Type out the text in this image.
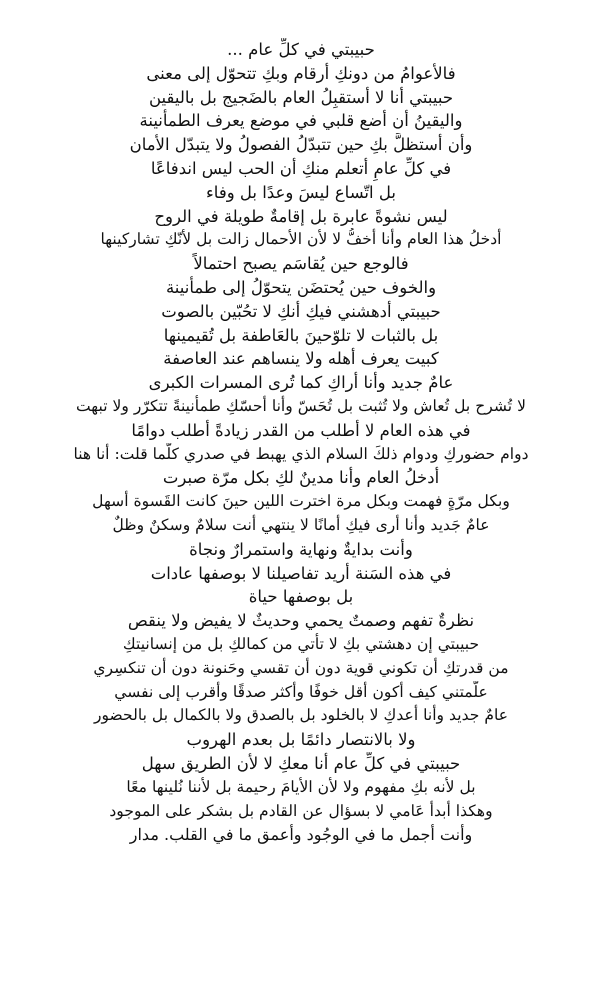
حبيبتي في كلِّ عام ...
فالأعوامُ من دونكِ أرقام وبكِ تتحوّل إلى معنى
حبيبتي أنا لا أستقبِلُ العام بالضَجيج بل باليقين
واليقينُ أن أضع قلبي في موضع يعرف الطمأنينة
وأن أستظلَّ بكِ حين تتبدّلُ الفصولُ ولا يتبدّل الأمان
في كلِّ عامٍ أتعلم منكِ أن الحب ليس اندفاعًا
بل اتّساع ليسَ وعدًا بل وفاء
ليس نشوةً عابرة بل إقامةٌ طويلة في الروح
أدخلُ هذا العام وأنا أخفُّ لا لأن الأحمال زالت بل لأنّكِ تشاركينها
فالوجع حين يُقاسَم يصبح احتمالاً
والخوف حين يُحتضَن يتحوّلُ إلى طمأنينة
حبيبتي أدهشني فيكِ أنكِ لا تحُبّين بالصوت
بل بالثبات لا تلوّحينَ بالعَاطفة بل تُقيمينها
كبيت يعرف أهله ولا ينساهم عند العاصفة
عامٌ جديد وأنا أراكِ كما تُرى المسرات الكبرى
لا تُشرح بل تُعاش ولا تُثبت بل تُحَسّ وأنا أحسّكِ طمأنينةً تتكرّر ولا تبهت
في هذه العام لا أطلب من القدر زيادةً أطلب دوامًا
دوام حضوركِ ودوام ذلكَ السلام الذي يهبط في صدري كلّما قلت: أنا هنا
أدخلُ العام وأنا مدينٌ لكِ بكل مرّة صبرت
وبكل مرّةٍ فهمت وبكل مرة اخترت اللين حينَ كانت القَسوة أسهل
عامٌ جَديد وأنا أرى فيكِ أمانًا لا ينتهي أنت سلامٌ وسكنٌ وظلٌ
وأنت بدايةٌ ونهاية واستمرارٌ ونجاة
في هذه السَنة أريد تفاصيلنا لا بوصفها عادات
بل بوصفها حياة
نظرةٌ تفهم وصمتٌ يحمي وحديثٌ لا يفيض ولا ينقص
حبيبتي إن دهشتي بكِ لا تأتي من كمالكِ بل من إنسانيتكِ
من قدرتكِ أن تكوني قوية دون أن تقسي وحَنونة دون أن تنكسِري
علّمتني كيف أكون أقل خوفًا وأكثر صدقًا وأقرب إلى نفسي
عامٌ جديد وأنا أعدكِ لا بالخلود بل بالصدق ولا بالكمال بل بالحضور
ولا بالانتصار دائمًا بل بعدم الهروب
حبيبتي في كلِّ عام أنا معكِ لا لأن الطريق سهل
بل لأنه بكِ مفهوم ولا لأن الأيامَ رحيمة بل لأننا نُلينها معًا
وهكذا أبدأ عَامي لا بسؤال عن القادم بل بشكر على الموجود
وأنت أجمل ما في الوجُود وأعمق ما في القلب. مدار
